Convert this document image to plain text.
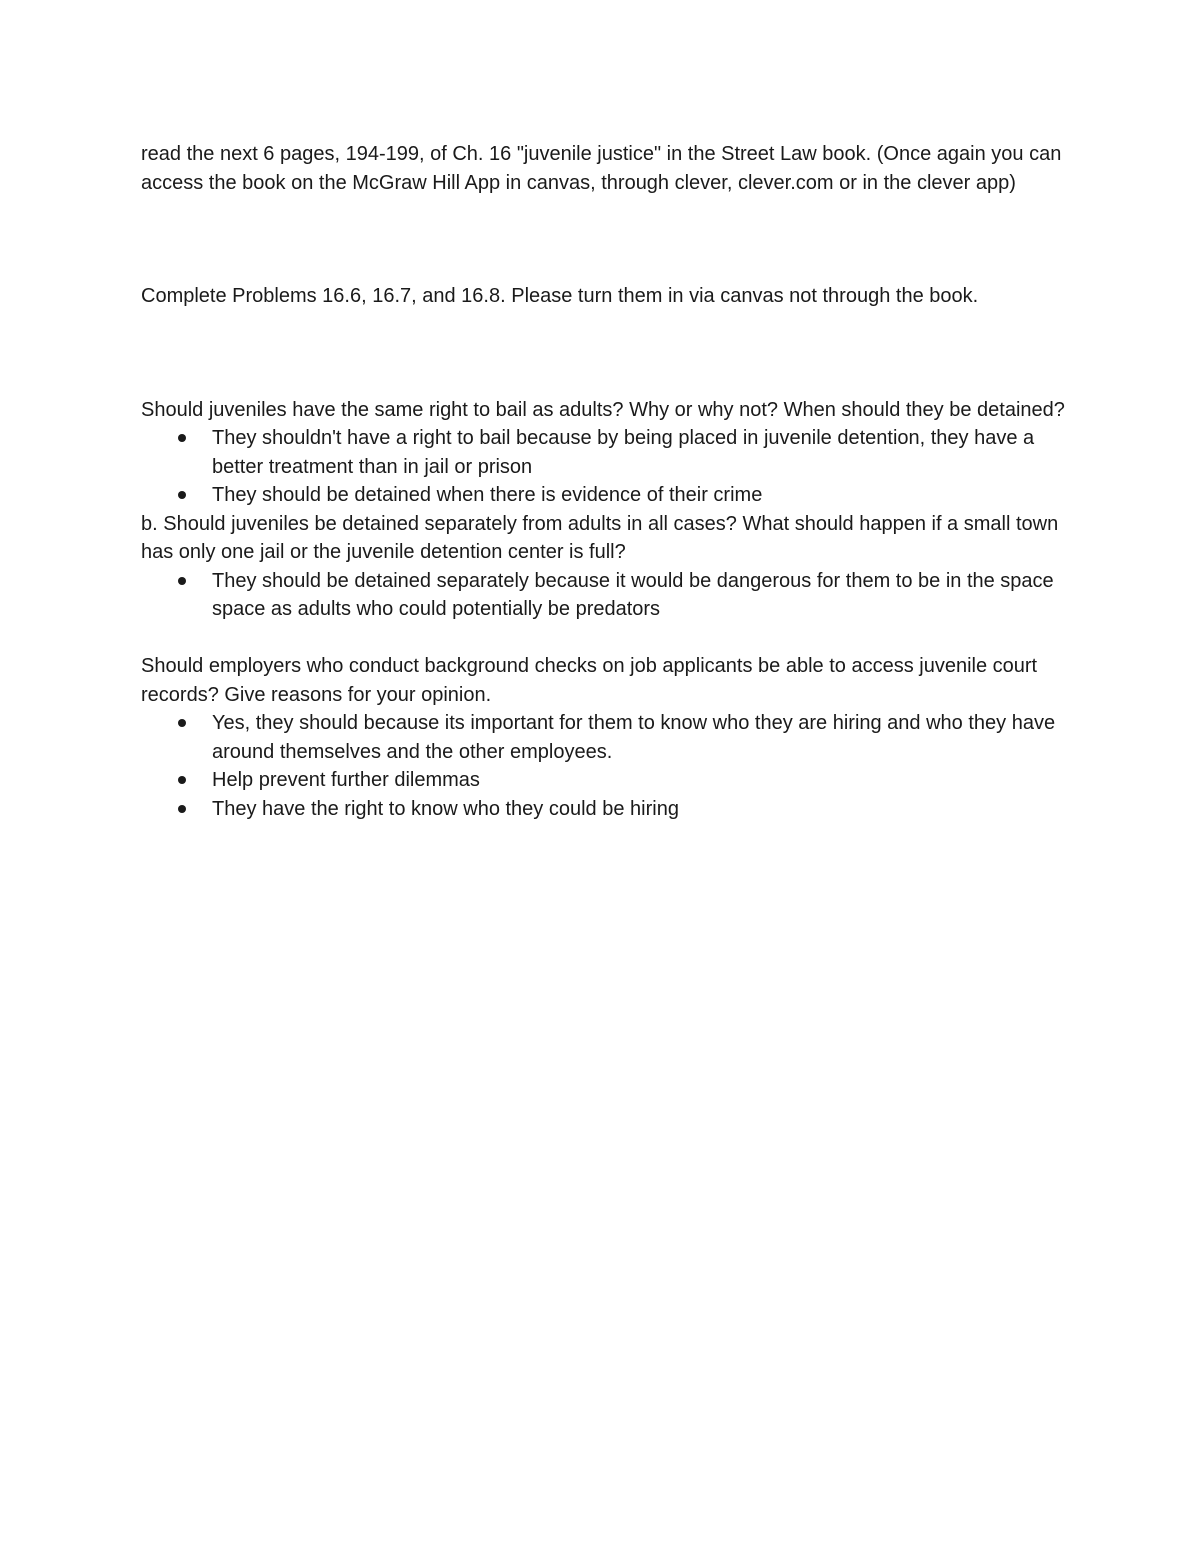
read the next 6 pages, 194-199, of Ch. 16 "juvenile justice" in the Street Law book. (Once again you can access the book on the McGraw Hill App in canvas, through clever, clever.com or in the clever app)

Complete Problems 16.6, 16.7, and 16.8. Please turn them in via canvas not through the book.

Should juveniles have the same right to bail as adults? Why or why not? When should they be detained?

They shouldn't have a right to bail because by being placed in juvenile detention, they have a better treatment than in jail or prison
They should be detained when there is evidence of their crime

b. Should juveniles be detained separately from adults in all cases? What should happen if a small town has only one jail or the juvenile detention center is full?

They should be detained separately because it would be dangerous for them to be in the space space as adults who could potentially be predators

Should employers who conduct background checks on job applicants be able to access juvenile court records? Give reasons for your opinion.

Yes, they should because its important for them to know who they are hiring and who they have around themselves and the other employees.
Help prevent further dilemmas
They have the right to know who they could be hiring
